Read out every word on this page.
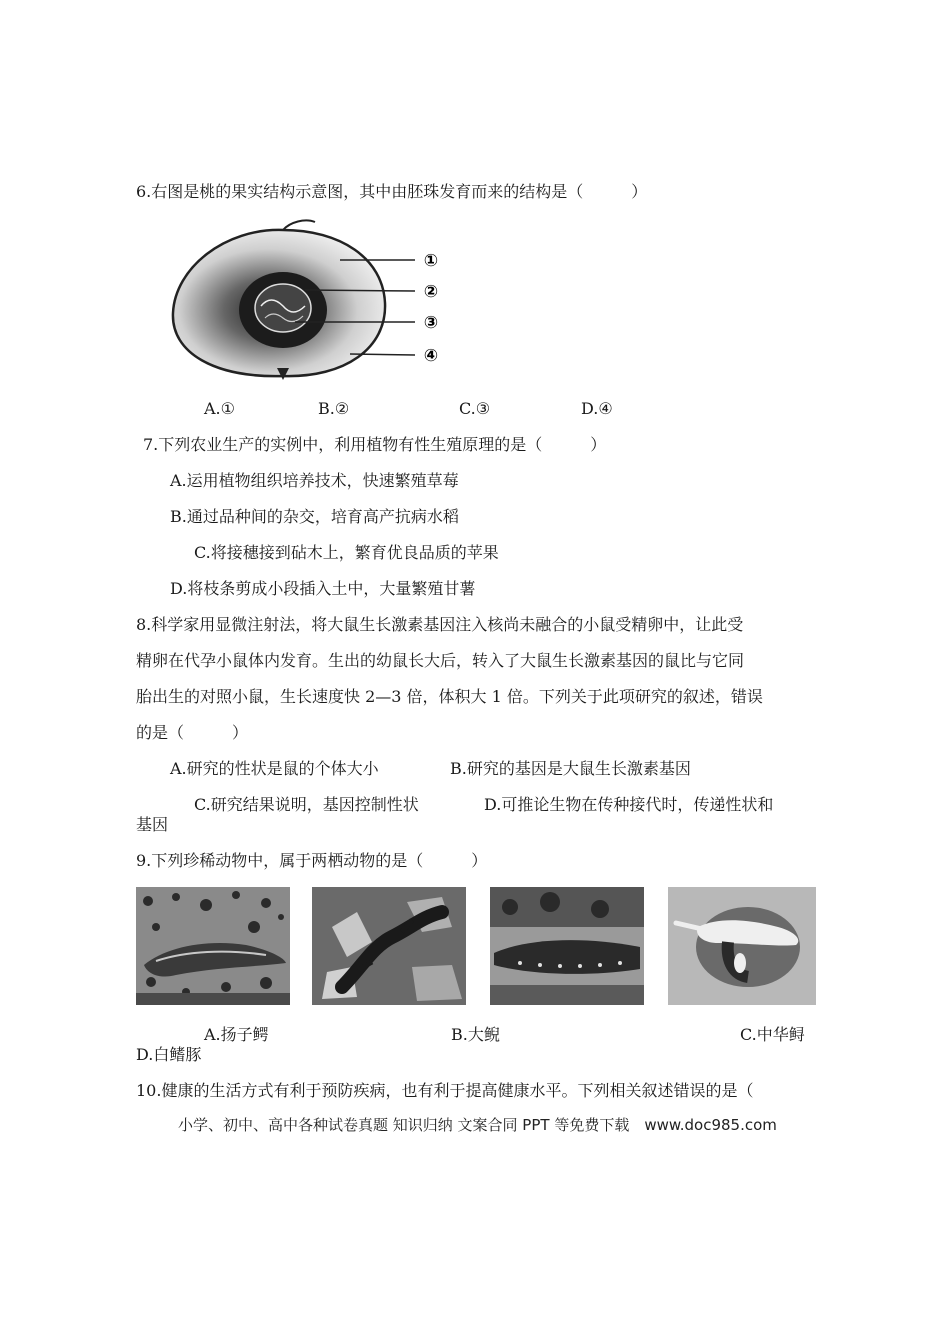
6.右图是桃的果实结构示意图，其中由胚珠发育而来的结构是（　　　）
①
②
③
④
A.①	B.②	C.③	D.④
7.下列农业生产的实例中，利用植物有性生殖原理的是（　　　）
A.运用植物组织培养技术，快速繁殖草莓
B.通过品种间的杂交，培育高产抗病水稻
C.将接穗接到砧木上，繁育优良品质的苹果
D.将枝条剪成小段插入土中，大量繁殖甘薯
8.科学家用显微注射法，将大鼠生长激素基因注入核尚未融合的小鼠受精卵中，让此受
精卵在代孕小鼠体内发育。生出的幼鼠长大后，转入了大鼠生长激素基因的鼠比与它同
胎出生的对照小鼠，生长速度快 2—3 倍，体积大 1 倍。下列关于此项研究的叙述，错误
的是（　　　）
A.研究的性状是鼠的个体大小	B.研究的基因是大鼠生长激素基因
C.研究结果说明，基因控制性状	D.可推论生物在传种接代时，传递性状和
基因
9.下列珍稀动物中，属于两栖动物的是（　　　）
A.扬子鳄	B.大鲵	C.中华鲟
D.白鳍豚
10.健康的生活方式有利于预防疾病，也有利于提高健康水平。下列相关叙述错误的是（
小学、初中、高中各种试卷真题 知识归纳 文案合同 PPT 等免费下载　www.doc985.com
